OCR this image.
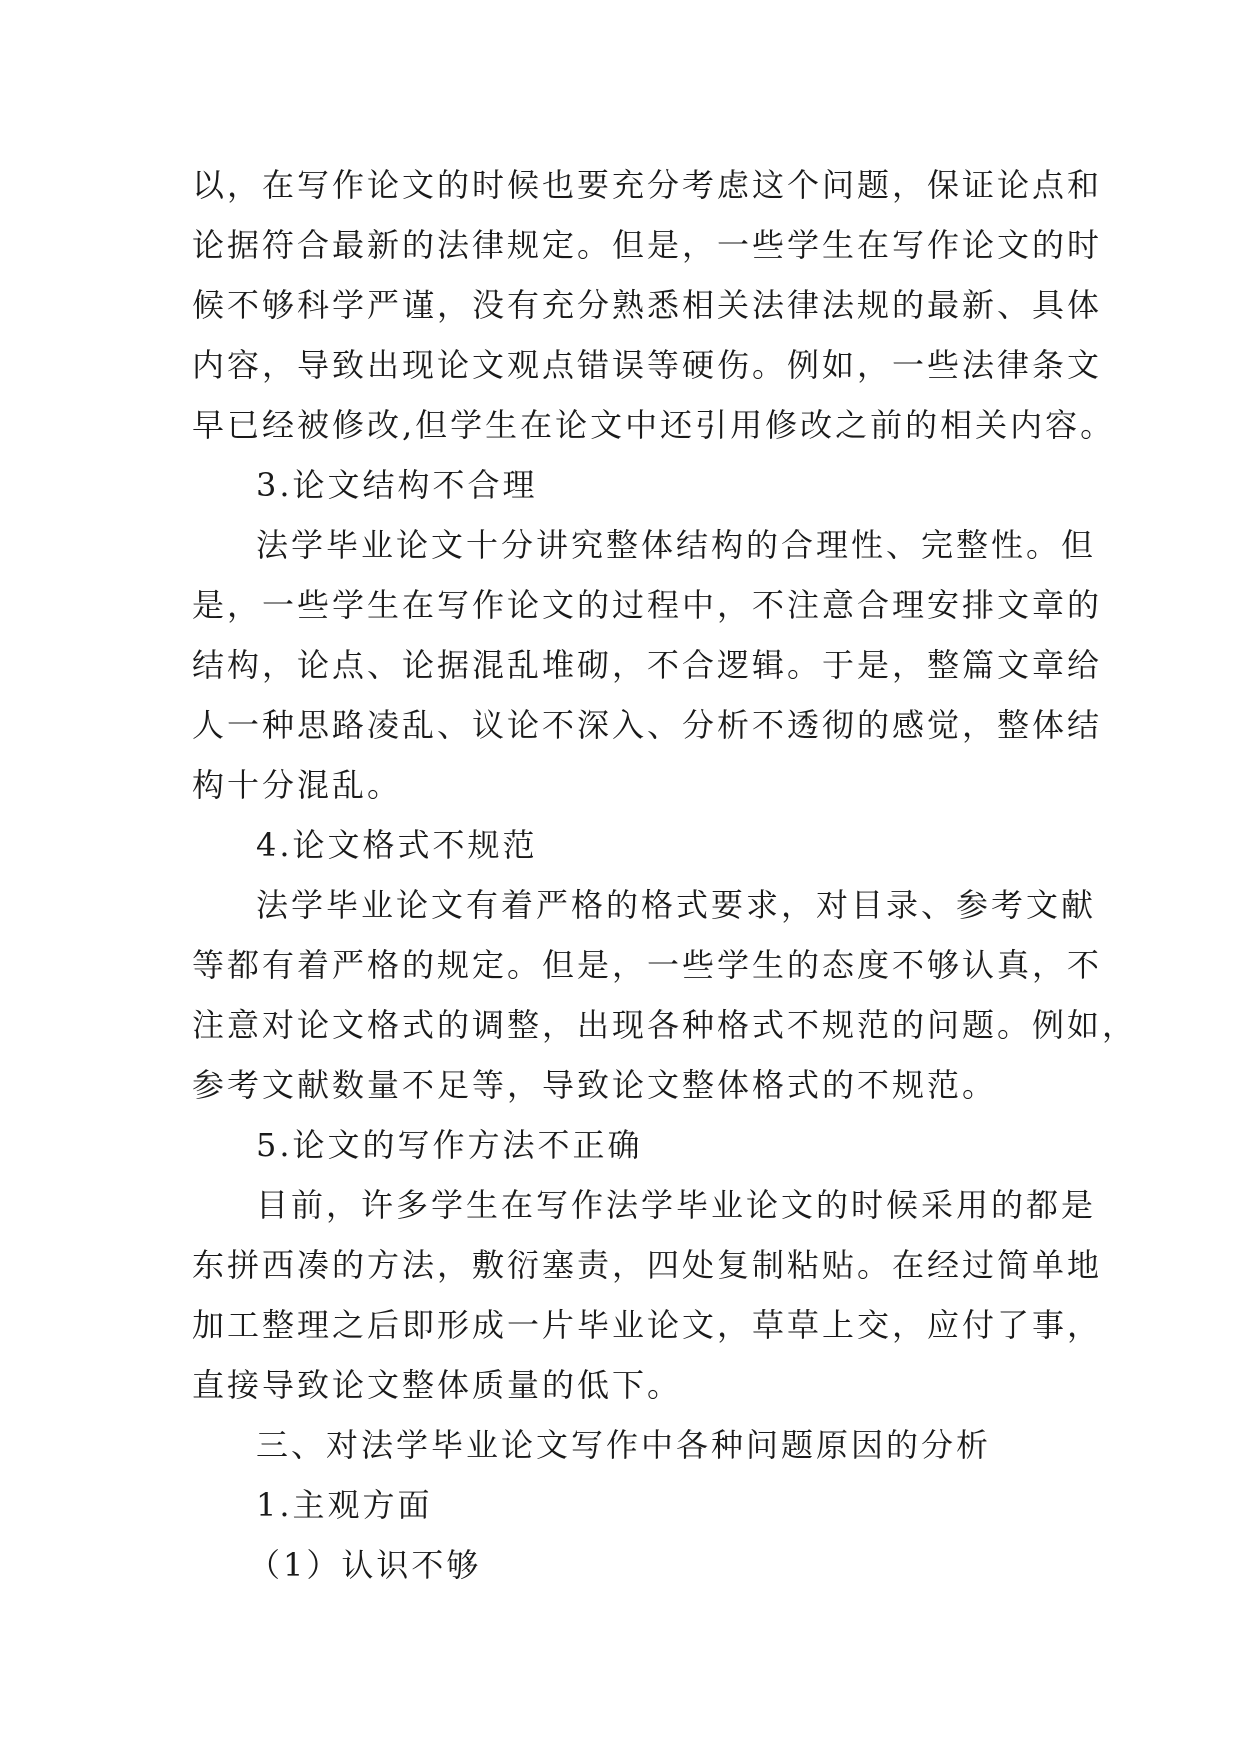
以，在写作论文的时候也要充分考虑这个问题，保证论点和
论据符合最新的法律规定。但是，一些学生在写作论文的时
候不够科学严谨，没有充分熟悉相关法律法规的最新、具体
内容，导致出现论文观点错误等硬伤。例如，一些法律条文
早已经被修改,但学生在论文中还引用修改之前的相关内容。
3.论文结构不合理
法学毕业论文十分讲究整体结构的合理性、完整性。但
是，一些学生在写作论文的过程中，不注意合理安排文章的
结构，论点、论据混乱堆砌，不合逻辑。于是，整篇文章给
人一种思路凌乱、议论不深入、分析不透彻的感觉，整体结
构十分混乱。
4.论文格式不规范
法学毕业论文有着严格的格式要求，对目录、参考文献
等都有着严格的规定。但是，一些学生的态度不够认真，不
注意对论文格式的调整，出现各种格式不规范的问题。例如，
参考文献数量不足等，导致论文整体格式的不规范。
5.论文的写作方法不正确
目前，许多学生在写作法学毕业论文的时候采用的都是
东拼西凑的方法，敷衍塞责，四处复制粘贴。在经过简单地
加工整理之后即形成一片毕业论文，草草上交，应付了事，
直接导致论文整体质量的低下。
三、对法学毕业论文写作中各种问题原因的分析
1.主观方面
（1）认识不够
